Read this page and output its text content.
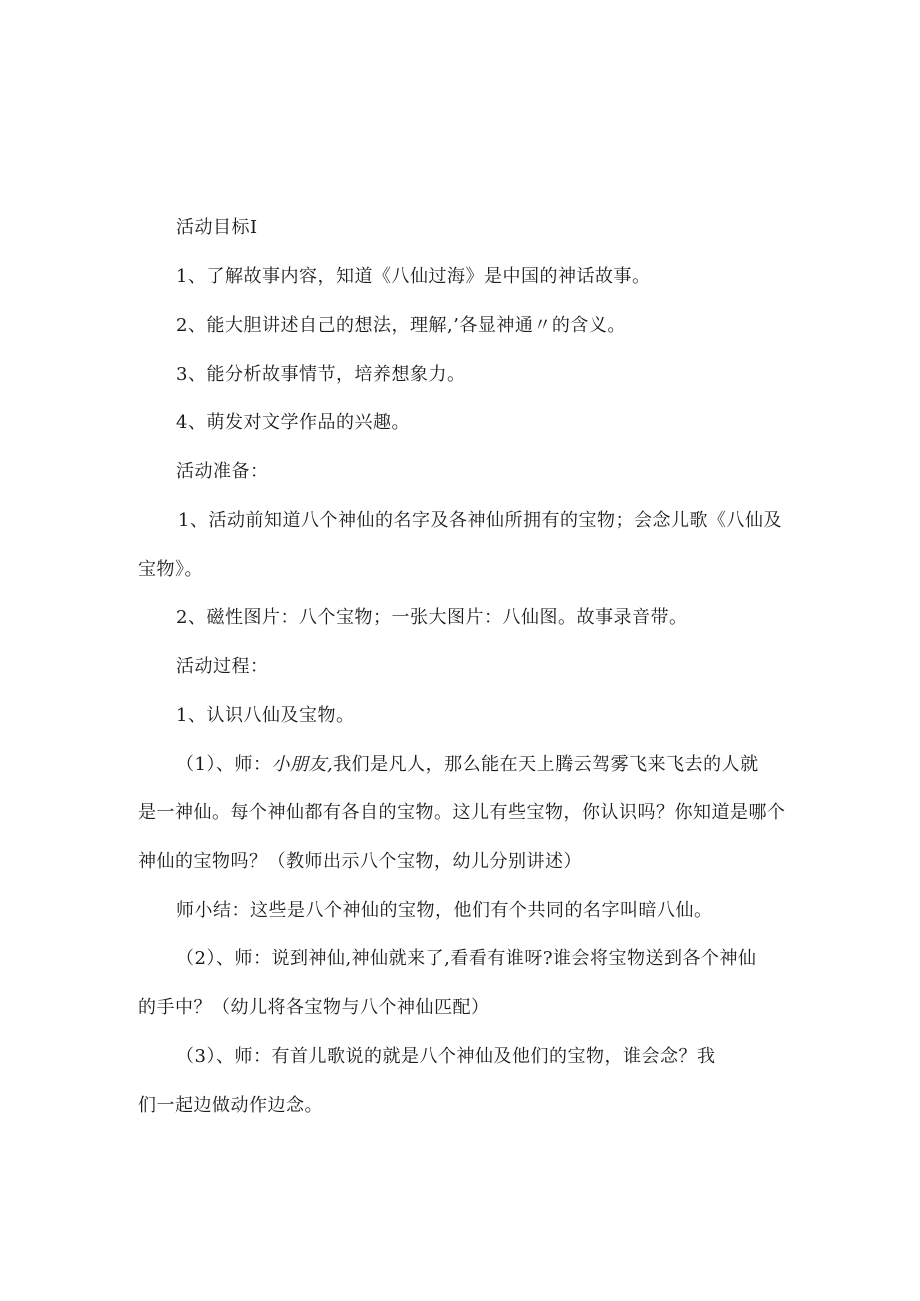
活动目标I
1、了解故事内容，知道《八仙过海》是中国的神话故事。
2、能大胆讲述自己的想法，理解,’各显神通〃的含义。
3、能分析故事情节，培养想象力。
4、萌发对文学作品的兴趣。
活动准备：
1、活动前知道八个神仙的名字及各神仙所拥有的宝物；会念儿歌《八仙及
宝物》。
2、磁性图片：八个宝物；一张大图片：八仙图。故事录音带。
活动过程：
1、认识八仙及宝物。
（1）、师：小朋友,我们是凡人，那么能在天上腾云驾雾飞来飞去的人就
是一神仙。每个神仙都有各自的宝物。这儿有些宝物，你认识吗？你知道是哪个
神仙的宝物吗？（教师出示八个宝物，幼儿分别讲述）
师小结：这些是八个神仙的宝物，他们有个共同的名字叫暗八仙。
（2）、师：说到神仙,神仙就来了,看看有谁呀?谁会将宝物送到各个神仙
的手中？（幼儿将各宝物与八个神仙匹配）
（3）、师：有首儿歌说的就是八个神仙及他们的宝物，谁会念？我
们一起边做动作边念。
